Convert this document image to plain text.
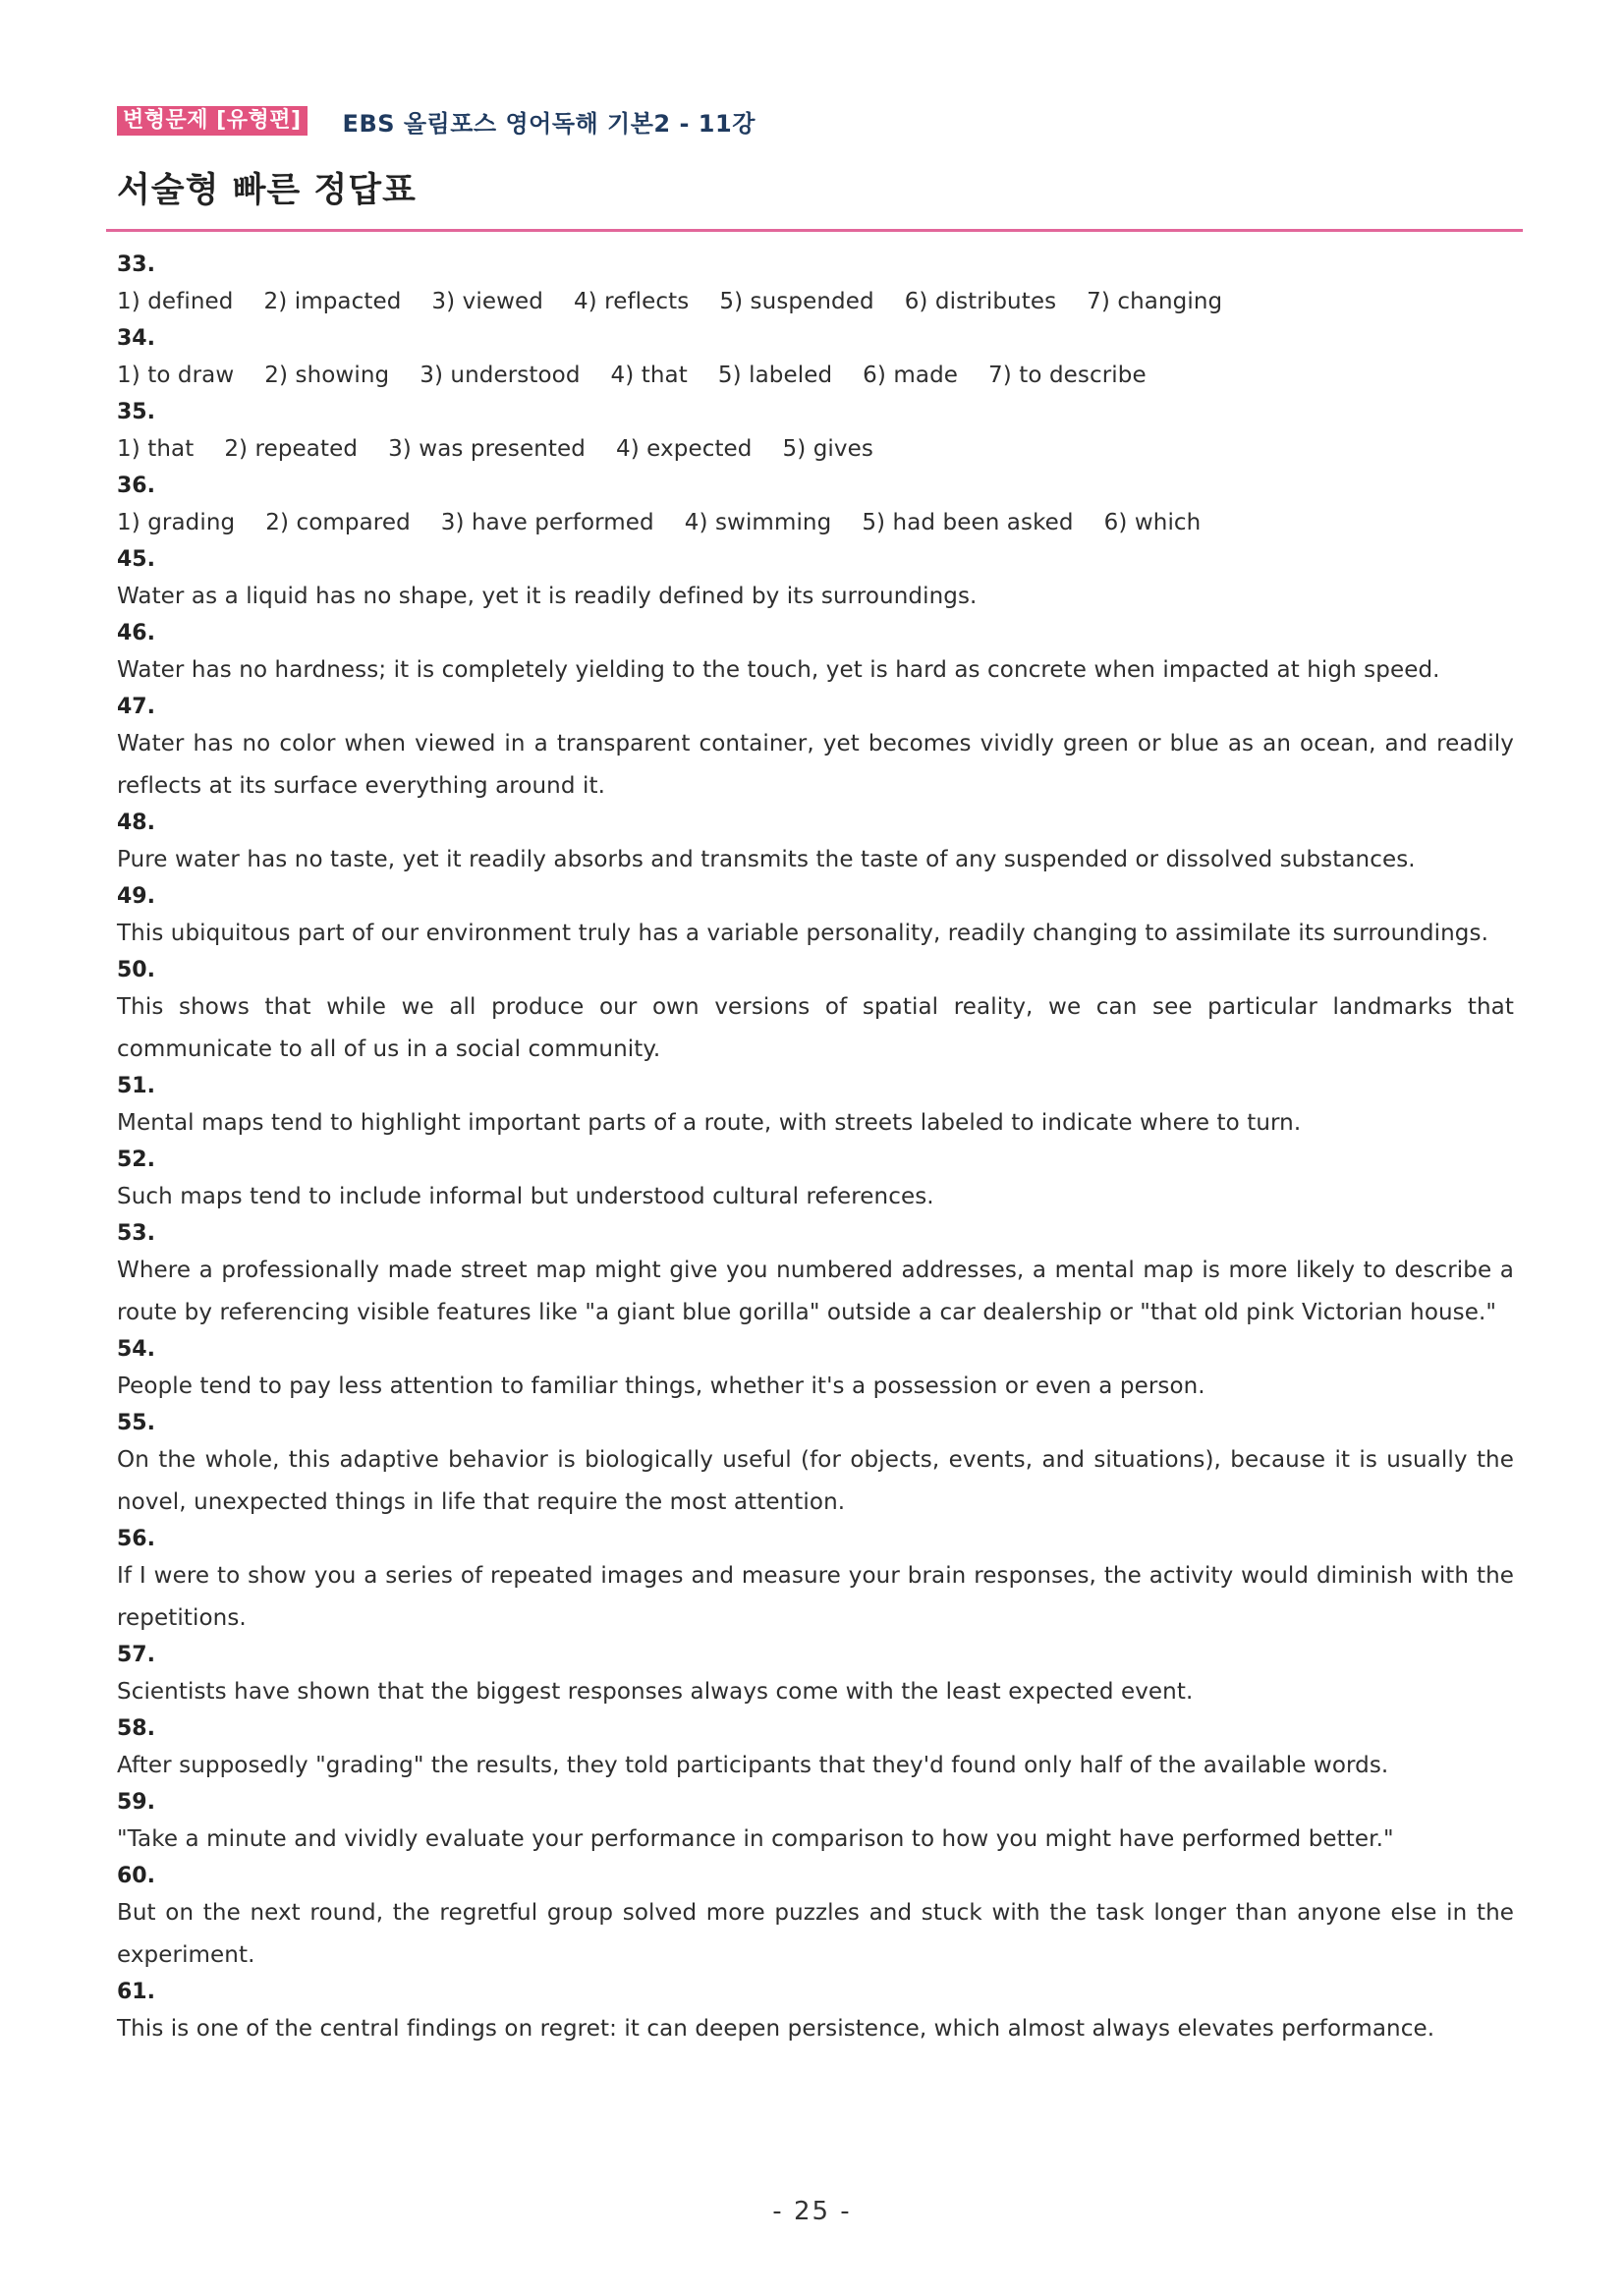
변형문제 [유형편] EBS 올림포스 영어독해 기본2 - 11강
서술형 빠른 정답표
33.
1) defined 2) impacted 3) viewed 4) reflects 5) suspended 6) distributes 7) changing
34.
1) to draw 2) showing 3) understood 4) that 5) labeled 6) made 7) to describe
35.
1) that 2) repeated 3) was presented 4) expected 5) gives
36.
1) grading 2) compared 3) have performed 4) swimming 5) had been asked 6) which
45.
Water as a liquid has no shape, yet it is readily defined by its surroundings.
46.
Water has no hardness; it is completely yielding to the touch, yet is hard as concrete when impacted at high speed.
47.
Water has no color when viewed in a transparent container, yet becomes vividly green or blue as an ocean, and readily reflects at its surface everything around it.
48.
Pure water has no taste, yet it readily absorbs and transmits the taste of any suspended or dissolved substances.
49.
This ubiquitous part of our environment truly has a variable personality, readily changing to assimilate its surroundings.
50.
This shows that while we all produce our own versions of spatial reality, we can see particular landmarks that communicate to all of us in a social community.
51.
Mental maps tend to highlight important parts of a route, with streets labeled to indicate where to turn.
52.
Such maps tend to include informal but understood cultural references.
53.
Where a professionally made street map might give you numbered addresses, a mental map is more likely to describe a route by referencing visible features like "a giant blue gorilla" outside a car dealership or "that old pink Victorian house."
54.
People tend to pay less attention to familiar things, whether it's a possession or even a person.
55.
On the whole, this adaptive behavior is biologically useful (for objects, events, and situations), because it is usually the novel, unexpected things in life that require the most attention.
56.
If I were to show you a series of repeated images and measure your brain responses, the activity would diminish with the repetitions.
57.
Scientists have shown that the biggest responses always come with the least expected event.
58.
After supposedly "grading" the results, they told participants that they'd found only half of the available words.
59.
"Take a minute and vividly evaluate your performance in comparison to how you might have performed better."
60.
But on the next round, the regretful group solved more puzzles and stuck with the task longer than anyone else in the experiment.
61.
This is one of the central findings on regret: it can deepen persistence, which almost always elevates performance.
- 25 -
